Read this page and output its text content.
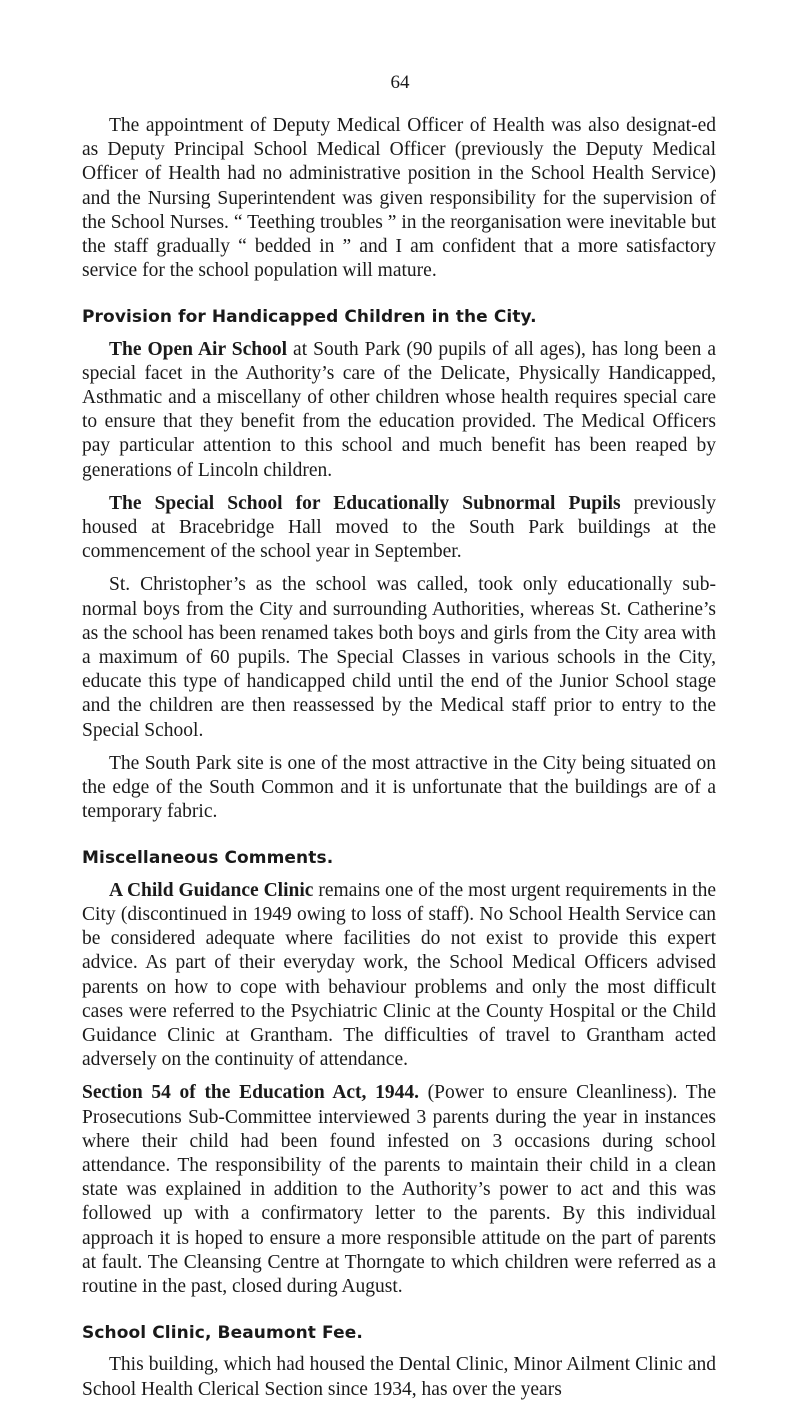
64

The appointment of Deputy Medical Officer of Health was also designat-ed as Deputy Principal School Medical Officer (previously the Deputy Medical Officer of Health had no administrative position in the School Health Service) and the Nursing Superintendent was given responsibility for the supervision of the School Nurses. “ Teething troubles ” in the reorganisation were inevitable but the staff gradually “ bedded in ” and I am confident that a more satisfactory service for the school population will mature.

Provision for Handicapped Children in the City.

The Open Air School at South Park (90 pupils of all ages), has long been a special facet in the Authority’s care of the Delicate, Physically Handicapped, Asthmatic and a miscellany of other children whose health requires special care to ensure that they benefit from the education provided. The Medical Officers pay particular attention to this school and much benefit has been reaped by generations of Lincoln children.

The Special School for Educationally Subnormal Pupils previously housed at Bracebridge Hall moved to the South Park buildings at the commencement of the school year in September.

St. Christopher’s as the school was called, took only educationally sub-normal boys from the City and surrounding Authorities, whereas St. Catherine’s as the school has been renamed takes both boys and girls from the City area with a maximum of 60 pupils. The Special Classes in various schools in the City, educate this type of handicapped child until the end of the Junior School stage and the children are then reassessed by the Medical staff prior to entry to the Special School.

The South Park site is one of the most attractive in the City being situated on the edge of the South Common and it is unfortunate that the buildings are of a temporary fabric.

Miscellaneous Comments.

A Child Guidance Clinic remains one of the most urgent requirements in the City (discontinued in 1949 owing to loss of staff). No School Health Service can be considered adequate where facilities do not exist to provide this expert advice. As part of their everyday work, the School Medical Officers advised parents on how to cope with behaviour problems and only the most difficult cases were referred to the Psychiatric Clinic at the County Hospital or the Child Guidance Clinic at Grantham. The difficulties of travel to Grantham acted adversely on the continuity of attendance.

Section 54 of the Education Act, 1944. (Power to ensure Cleanliness). The Prosecutions Sub-Committee interviewed 3 parents during the year in instances where their child had been found infested on 3 occasions during school attendance. The responsibility of the parents to maintain their child in a clean state was explained in addition to the Authority’s power to act and this was followed up with a confirmatory letter to the parents. By this individual approach it is hoped to ensure a more responsible attitude on the part of parents at fault. The Cleansing Centre at Thorngate to which children were referred as a routine in the past, closed during August.

School Clinic, Beaumont Fee.

This building, which had housed the Dental Clinic, Minor Ailment Clinic and School Health Clerical Section since 1934, has over the years
